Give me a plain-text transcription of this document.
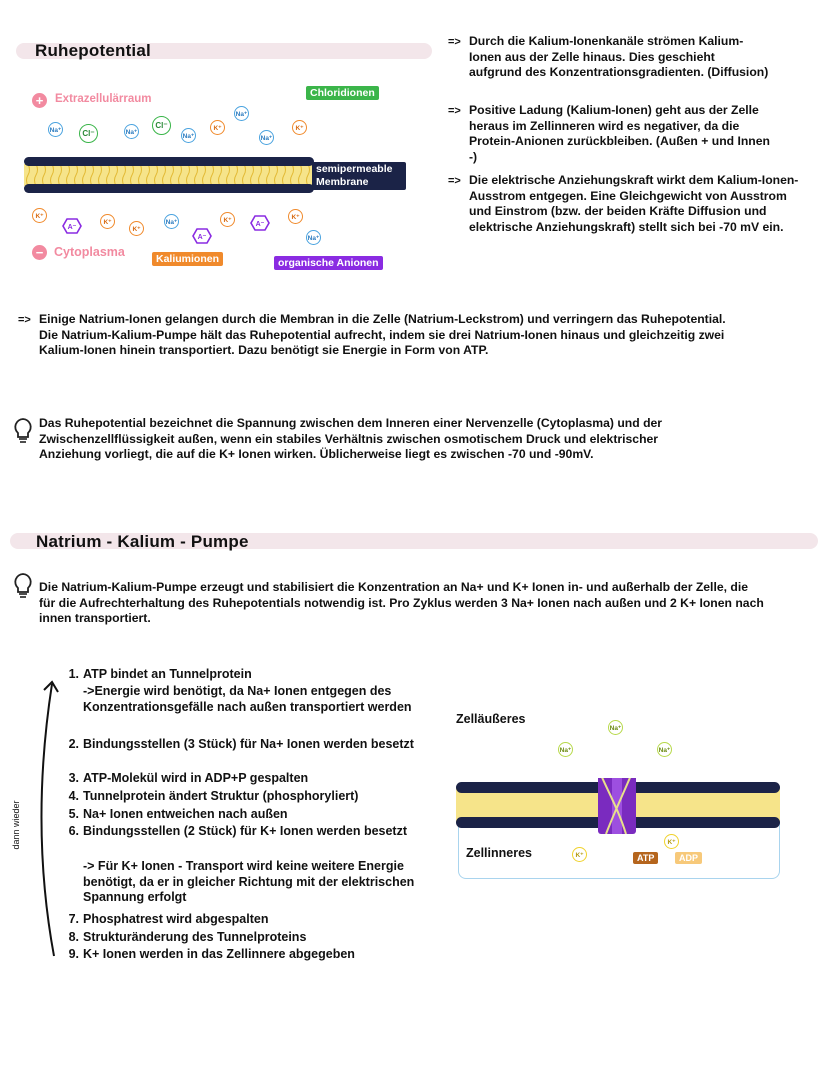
Ruhepotential
+	Extrazellulärraum	Chloridionen
Na⁺	Cl⁻	Na⁺
Cl⁻
Na⁺
K⁺
Na⁺
Na⁺
K⁺
semipermeable Membrane
K⁺
A⁻
K⁺
K⁺
Na⁺
A⁻
K⁺
A⁻
K⁺
Na⁺
− Cytoplasma	Kaliumionen	organische Anionen
=> Durch die Kalium-Ionenkanäle strömen Kalium-Ionen aus der Zelle hinaus. Dies geschieht aufgrund des Konzentrationsgradienten. (Diffusion)
=> Positive Ladung (Kalium-Ionen) geht aus der Zelle heraus im Zellinneren wird es negativer, da die Protein-Anionen zurückbleiben. (Außen + und Innen -)
=> Die elektrische Anziehungskraft wirkt dem Kalium-Ionen-Ausstrom entgegen. Eine Gleichgewicht von Ausstrom und Einstrom (bzw. der beiden Kräfte Diffusion und elektrische Anziehungskraft) stellt sich bei -70 mV ein.
=> Einige Natrium-Ionen gelangen durch die Membran in die Zelle (Natrium-Leckstrom) und verringern das Ruhepotential. Die Natrium-Kalium-Pumpe hält das Ruhepotential aufrecht, indem sie drei Natrium-Ionen hinaus und gleichzeitig zwei Kalium-Ionen hinein transportiert. Dazu benötigt sie Energie in Form von ATP.
Das Ruhepotential bezeichnet die Spannung zwischen dem Inneren einer Nervenzelle (Cytoplasma) und der Zwischenzellflüssigkeit außen, wenn ein stabiles Verhältnis zwischen osmotischem Druck und elektrischer Anziehung vorliegt, die auf die K+ Ionen wirken. Üblicherweise liegt es zwischen -70 und -90mV.
Natrium - Kalium - Pumpe
Die Natrium-Kalium-Pumpe erzeugt und stabilisiert die Konzentration an Na+ und K+ Ionen in- und außerhalb der Zelle, die für die Aufrechterhaltung des Ruhepotentials notwendig ist. Pro Zyklus werden 3 Na+ Ionen nach außen und 2 K+ Ionen nach innen transportiert.
dann wieder
1. ATP bindet an Tunnelprotein
->Energie wird benötigt, da Na+ Ionen entgegen des Konzentrationsgefälle nach außen transportiert werden
2. Bindungsstellen (3 Stück) für Na+ Ionen werden besetzt
3. ATP-Molekül wird in ADP+P gespalten
4. Tunnelprotein ändert Struktur (phosphoryliert)
5. Na+ Ionen entweichen nach außen
6. Bindungsstellen (2 Stück) für K+ Ionen werden besetzt
-> Für K+ Ionen - Transport wird keine weitere Energie benötigt, da er in gleicher Richtung mit der elektrischen Spannung erfolgt
7. Phosphatrest wird abgespalten
8. Strukturänderung des Tunnelproteins
9. K+ Ionen werden in das Zellinnere abgegeben
Zelläußeres
Zellinneres
Na⁺
Na⁺
Na⁺
K⁺
K⁺
ATP	ADP
